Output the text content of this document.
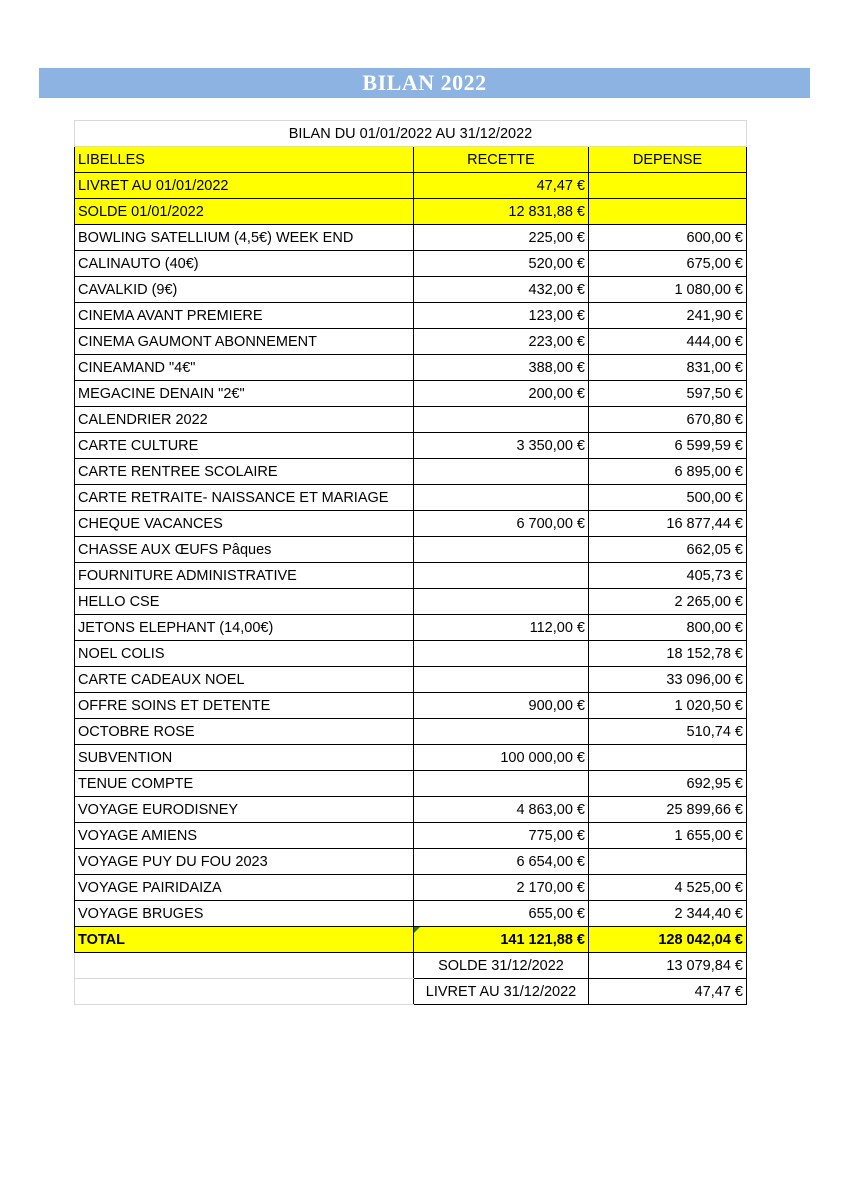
BILAN 2022
BILAN DU 01/01/2022 AU 31/12/2022		
LIBELLES	RECETTE	DEPENSE
LIVRET AU 01/01/2022	47,47 €	
SOLDE 01/01/2022	12 831,88 €	
BOWLING SATELLIUM (4,5€) WEEK END	225,00 €	600,00 €
CALINAUTO (40€)	520,00 €	675,00 €
CAVALKID (9€)	432,00 €	1 080,00 €
CINEMA AVANT PREMIERE	123,00 €	241,90 €
CINEMA GAUMONT ABONNEMENT	223,00 €	444,00 €
CINEAMAND "4€"	388,00 €	831,00 €
MEGACINE DENAIN "2€"	200,00 €	597,50 €
CALENDRIER 2022		670,80 €
CARTE CULTURE	3 350,00 €	6 599,59 €
CARTE RENTREE SCOLAIRE		6 895,00 €
CARTE RETRAITE- NAISSANCE ET MARIAGE		500,00 €
CHEQUE VACANCES	6 700,00 €	16 877,44 €
CHASSE AUX ŒUFS Pâques		662,05 €
FOURNITURE ADMINISTRATIVE		405,73 €
HELLO CSE		2 265,00 €
JETONS ELEPHANT (14,00€)	112,00 €	800,00 €
NOEL COLIS		18 152,78 €
CARTE CADEAUX NOEL		33 096,00 €
OFFRE SOINS ET DETENTE	900,00 €	1 020,50 €
OCTOBRE ROSE		510,74 €
SUBVENTION	100 000,00 €	
TENUE COMPTE		692,95 €
VOYAGE EURODISNEY	4 863,00 €	25 899,66 €
VOYAGE AMIENS	775,00 €	1 655,00 €
VOYAGE PUY DU FOU 2023	6 654,00 €	
VOYAGE PAIRIDAIZA	2 170,00 €	4 525,00 €
VOYAGE BRUGES	655,00 €	2 344,40 €
TOTAL	141 121,88 €	128 042,04 €
	SOLDE 31/12/2022	13 079,84 €
	LIVRET AU 31/12/2022	47,47 €
